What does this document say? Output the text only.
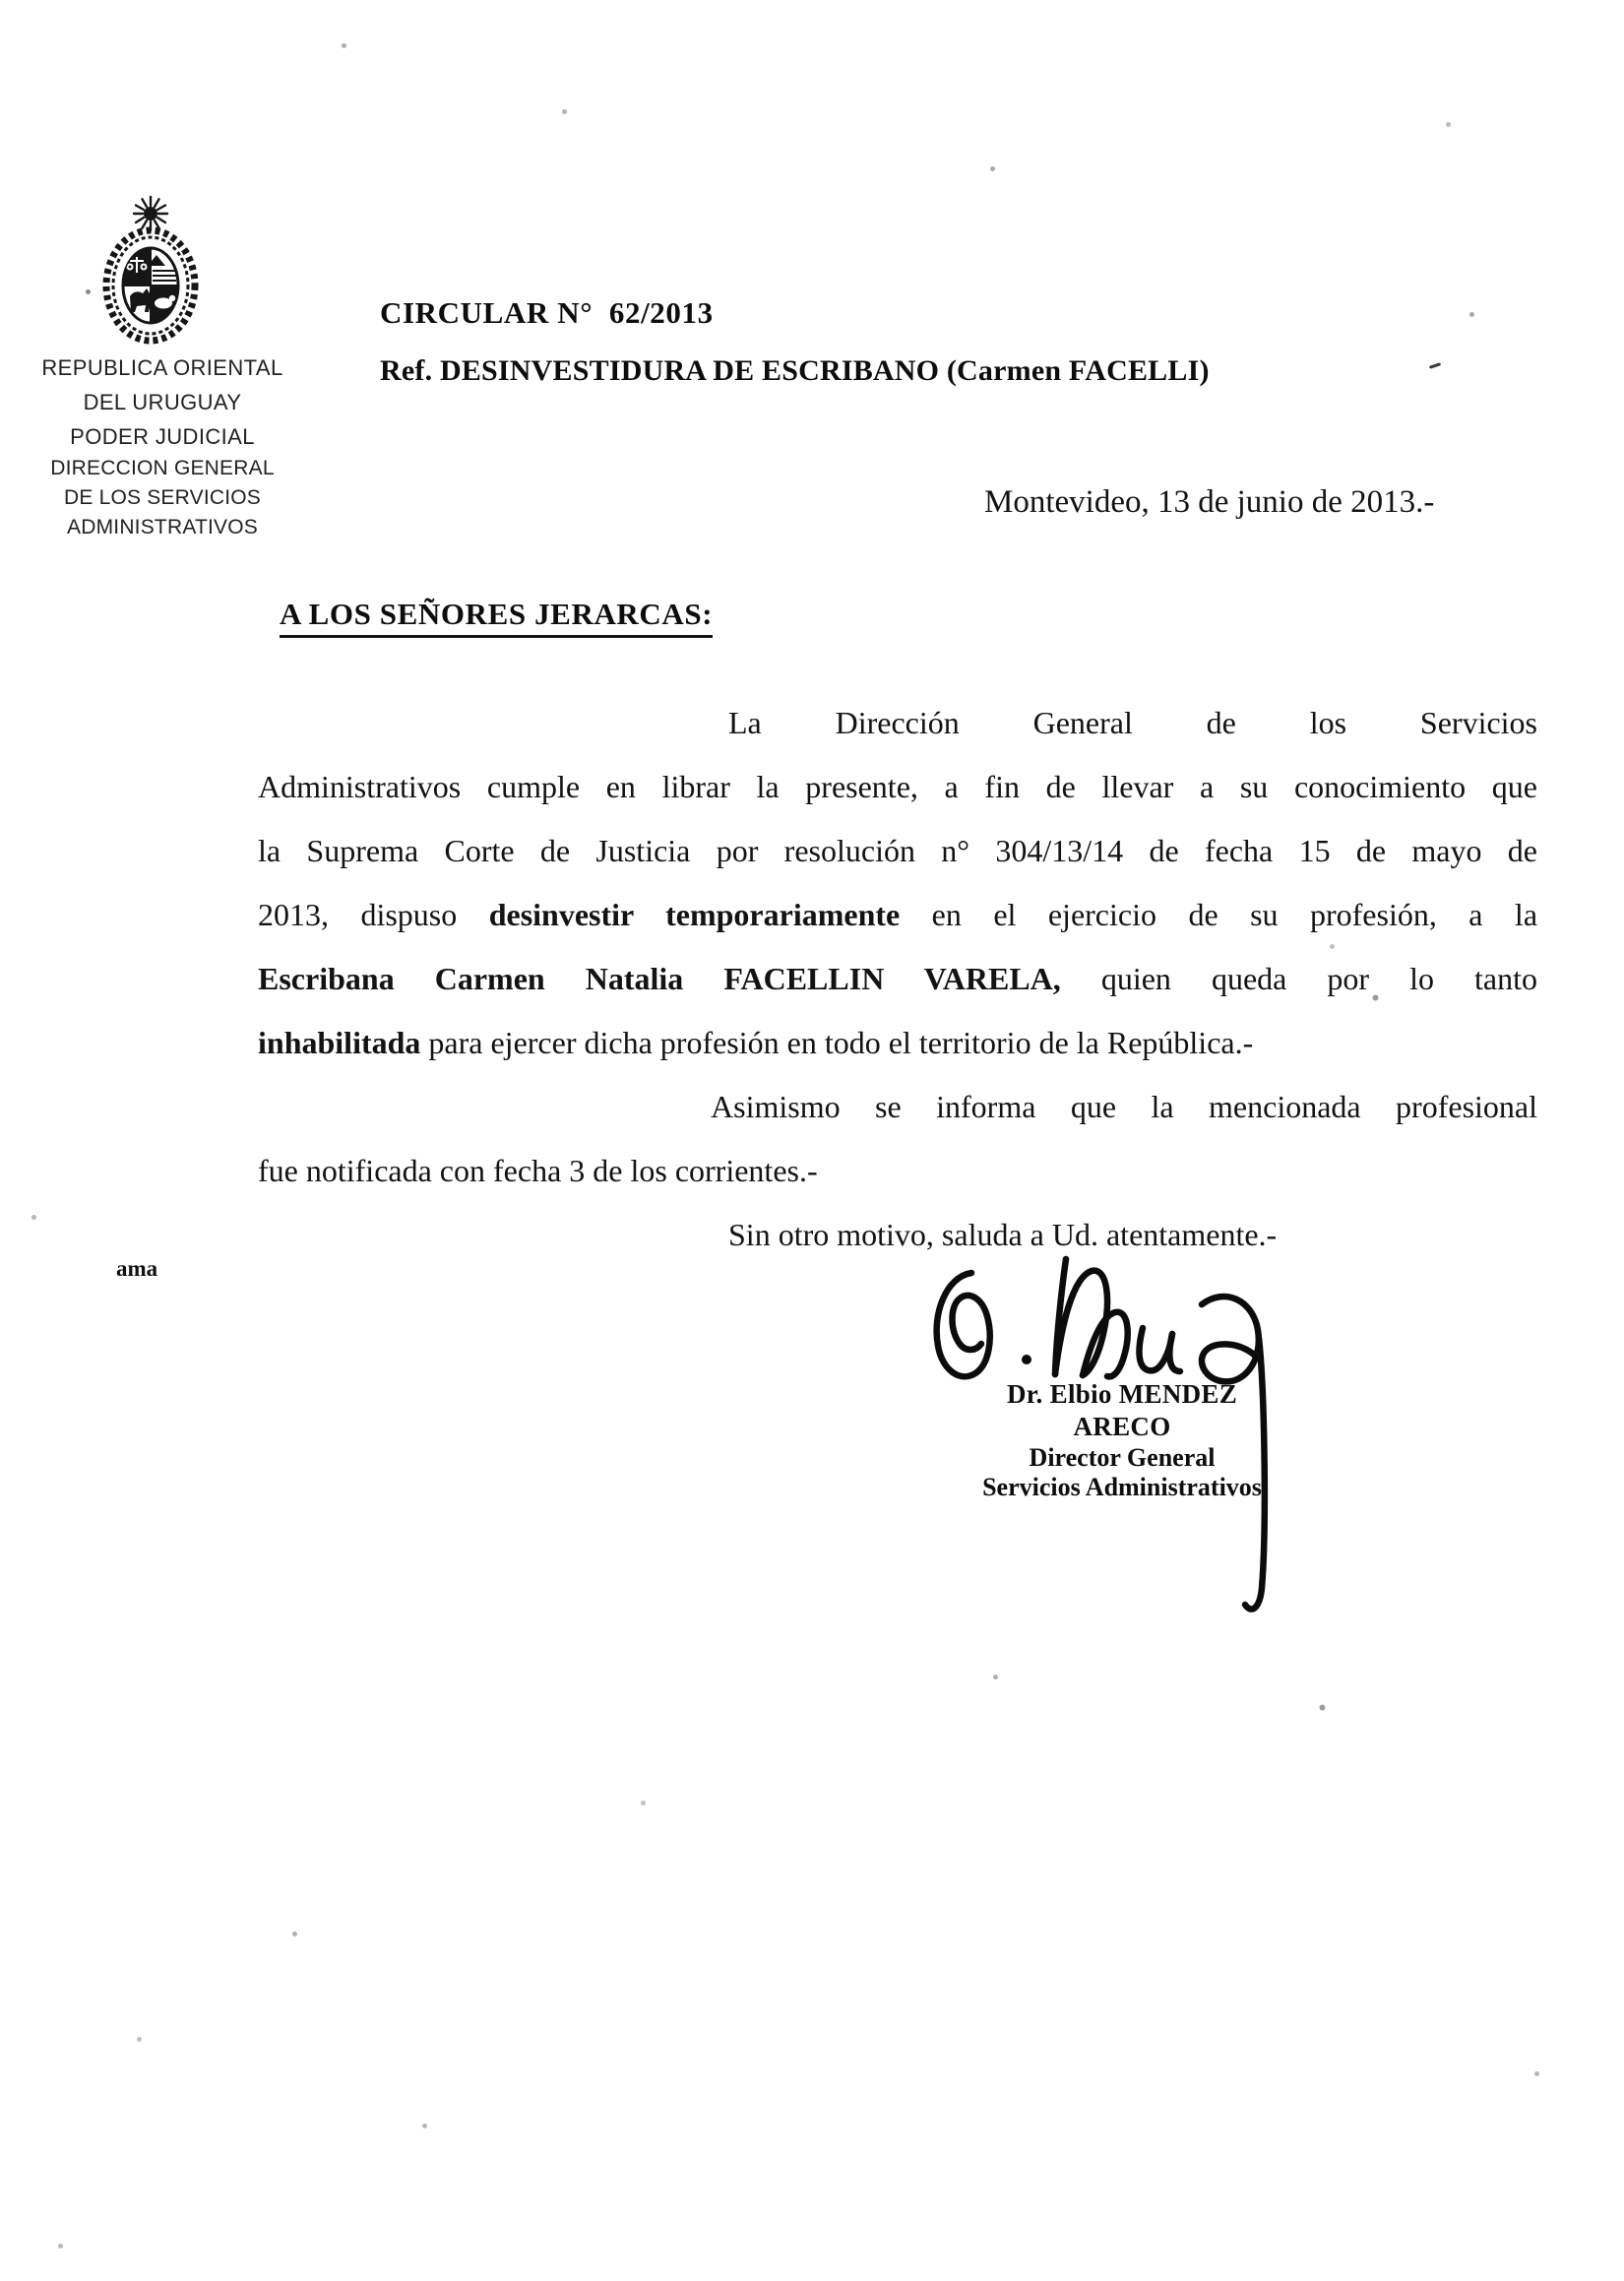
REPUBLICA ORIENTAL
DEL URUGUAY
PODER JUDICIAL
DIRECCION GENERAL
DE LOS SERVICIOS
ADMINISTRATIVOS
CIRCULAR N°  62/2013
Ref. DESINVESTIDURA DE ESCRIBANO (Carmen FACELLI)
Montevideo, 13 de junio de 2013.-
A LOS SEÑORES JERARCAS:
La Dirección General de los Servicios
Administrativos cumple en librar la presente, a fin de llevar a su conocimiento que
la Suprema Corte de Justicia por resolución n° 304/13/14 de fecha 15 de mayo de
2013, dispuso desinvestir temporariamente en el ejercicio de su profesión, a la
Escribana Carmen Natalia FACELLIN VARELA, quien queda por lo tanto
inhabilitada para ejercer dicha profesión en todo el territorio de la República.-
Asimismo se informa que la mencionada profesional
fue notificada con fecha 3 de los corrientes.-
Sin otro motivo, saluda a Ud. atentamente.-
ama
Dr. Elbio MENDEZ ARECO
Director General
Servicios Administrativos
